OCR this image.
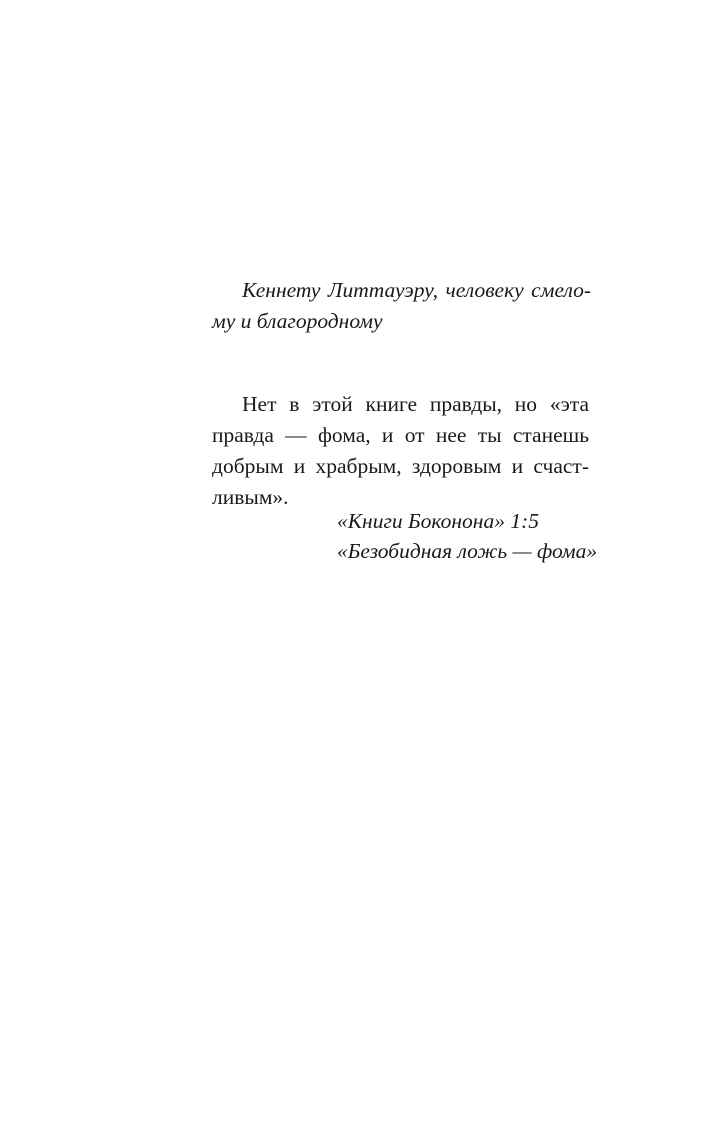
Кеннету Литтауэру, человеку смело-
му и благородному
Нет в этой книге правды, но «эта
правда — фома, и от нее ты станешь
добрым и храбрым, здоровым и счаст-
ливым».
«Книги Боконона» 1:5
«Безобидная ложь — фома»
